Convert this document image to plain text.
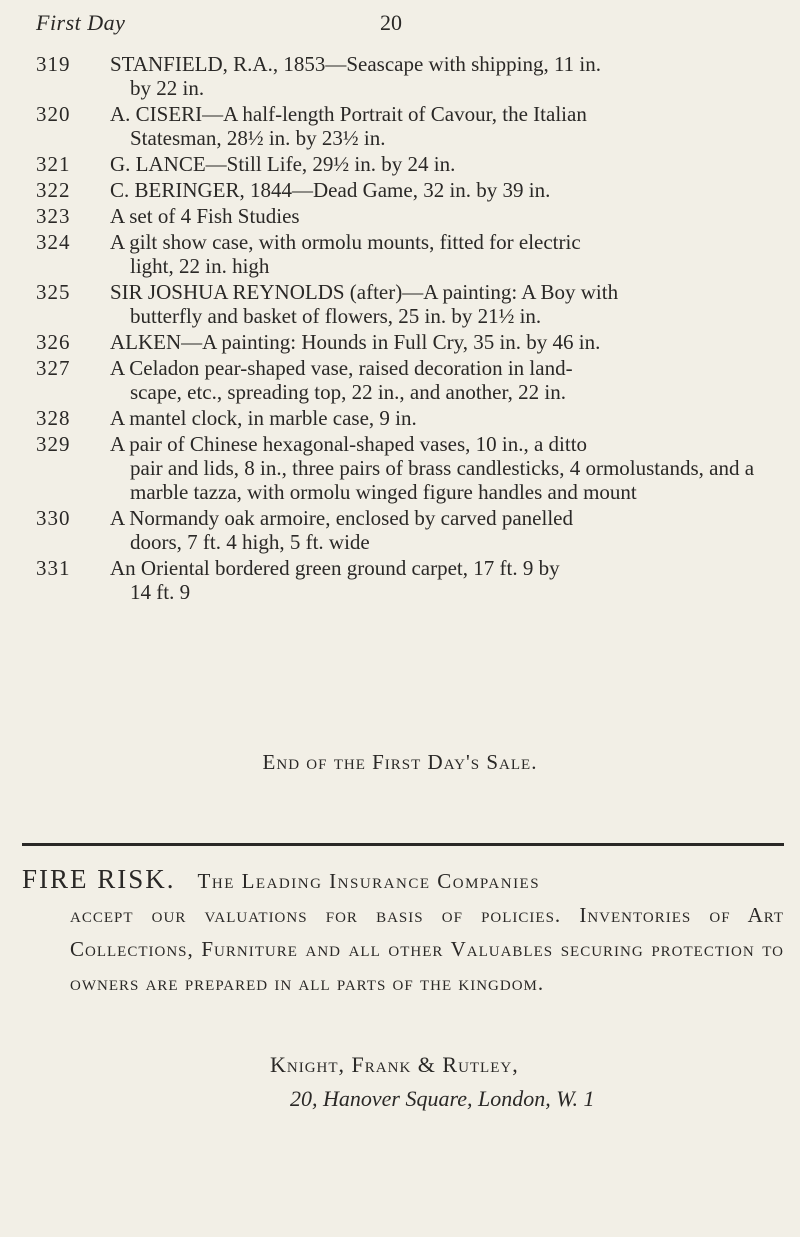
First Day	20
319	STANFIELD, R.A., 1853—Seascape with shipping, 11 in.
by 22 in.
320	A. CISERI—A half-length Portrait of Cavour, the Italian
Statesman, 28½ in. by 23½ in.
321	G. LANCE—Still Life, 29½ in. by 24 in.
322	C. BERINGER, 1844—Dead Game, 32 in. by 39 in.
323	A set of 4 Fish Studies
324	A gilt show case, with ormolu mounts, fitted for electric
light, 22 in. high
325	SIR JOSHUA REYNOLDS (after)—A painting: A Boy with
butterfly and basket of flowers, 25 in. by 21½ in.
326	ALKEN—A painting: Hounds in Full Cry, 35 in. by 46 in.
327	A Celadon pear-shaped vase, raised decoration in land-
scape, etc., spreading top, 22 in., and another, 22 in.
328	A mantel clock, in marble case, 9 in.
329	A pair of Chinese hexagonal-shaped vases, 10 in., a ditto
pair and lids, 8 in., three pairs of brass candlesticks, 4 ormolustands, and a marble tazza, with ormolu winged figure handles and mount
330	A Normandy oak armoire, enclosed by carved panelled
doors, 7 ft. 4 high, 5 ft. wide
331	An Oriental bordered green ground carpet, 17 ft. 9 by
14 ft. 9
End of the First Day's Sale.
FIRE RISK. The Leading Insurance Companies
accept our valuations for basis of policies. Inventories of Art Collections, Furniture and all other Valuables securing protection to owners are prepared in all parts of the kingdom.
Knight, Frank & Rutley,
20, Hanover Square, London, W. 1
